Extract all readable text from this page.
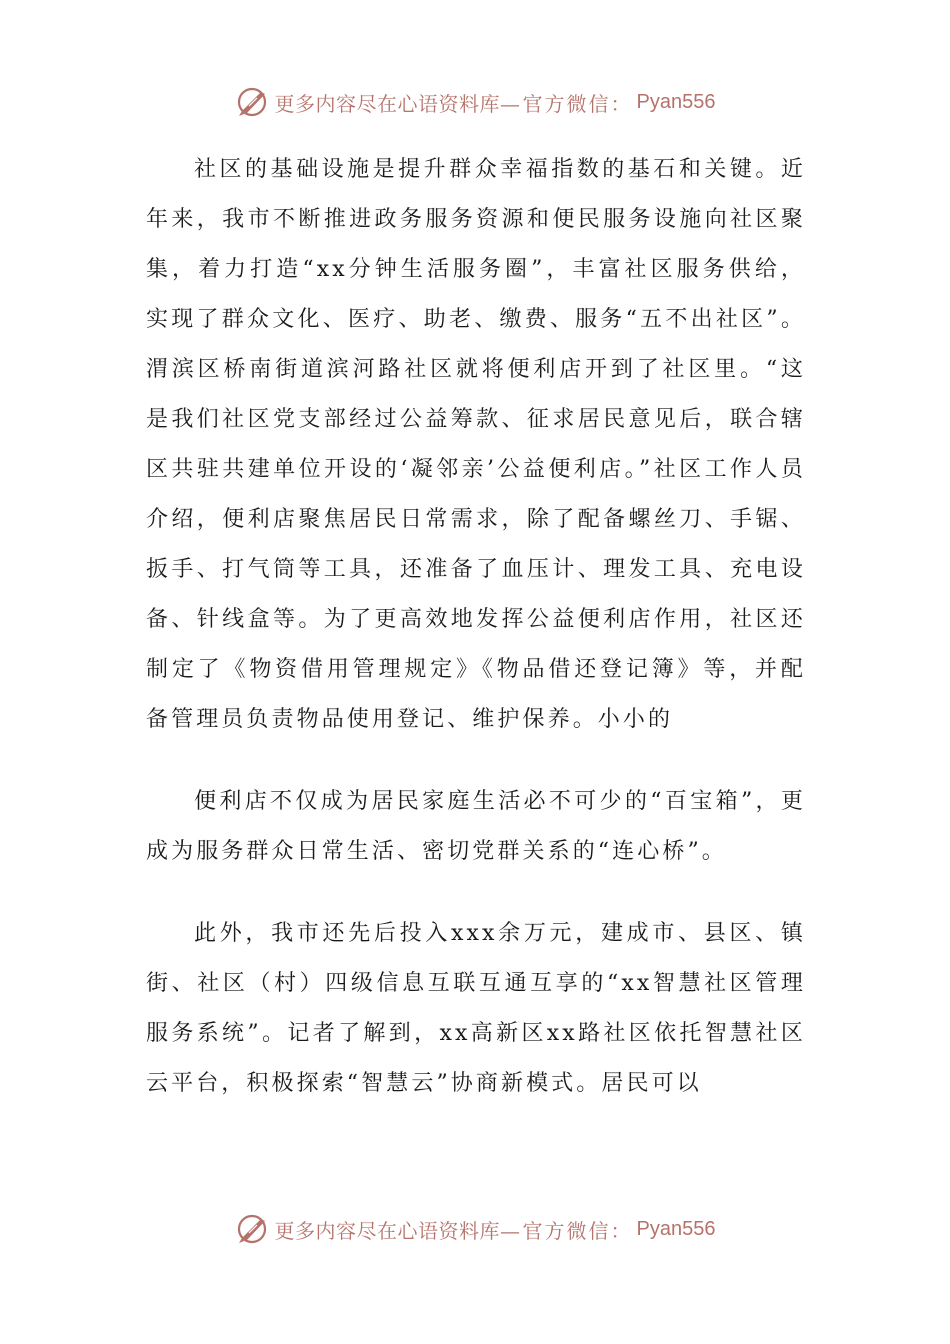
更多内容尽在心语资料库— 官方微信： Pyan556

社区的基础设施是提升群众幸福指数的基石和关键。近年来，我市不断推进政务服务资源和便民服务设施向社区聚集，着力打造“xx分钟生活服务圈”，丰富社区服务供给，实现了群众文化、医疗、助老、缴费、服务“五不出社区”。渭滨区桥南街道滨河路社区就将便利店开到了社区里。“这是我们社区党支部经过公益筹款、征求居民意见后，联合辖区共驻共建单位开设的‘凝邻亲’公益便利店。”社区工作人员介绍，便利店聚焦居民日常需求，除了配备螺丝刀、手锯、扳手、打气筒等工具，还准备了血压计、理发工具、充电设备、针线盒等。为了更高效地发挥公益便利店作用，社区还制定了《物资借用管理规定》《物品借还登记簿》等，并配备管理员负责物品使用登记、维护保养。小小的

便利店不仅成为居民家庭生活必不可少的“百宝箱”，更成为服务群众日常生活、密切党群关系的“连心桥”。

此外，我市还先后投入xxx余万元，建成市、县区、镇街、社区（村）四级信息互联互通互享的“xx智慧社区管理服务系统”。记者了解到，xx高新区xx路社区依托智慧社区云平台，积极探索“智慧云”协商新模式。居民可以

更多内容尽在心语资料库— 官方微信： Pyan556
